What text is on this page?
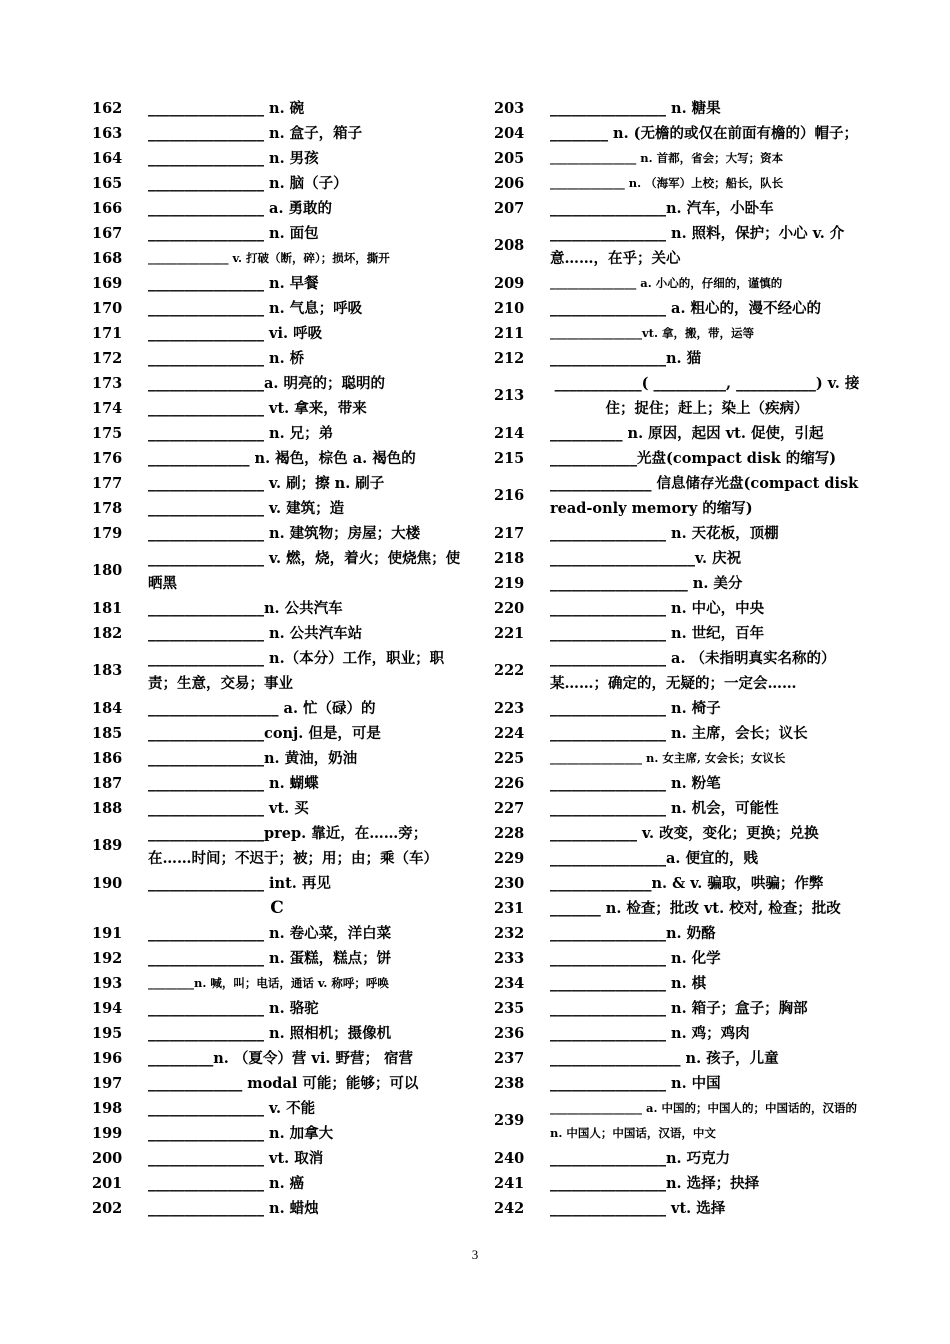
162	________________ n. 碗
163	________________ n. 盒子，箱子
164	________________ n. 男孩
165	________________ n. 脑（子）
166	________________ a. 勇敢的
167	________________ n. 面包
168	______________ v. 打破（断，碎）；损坏，撕开
169	________________ n. 早餐
170	________________ n. 气息；呼吸
171	________________ vi. 呼吸
172	________________ n. 桥
173	________________a. 明亮的；聪明的
174	________________ vt. 拿来，带来
175	________________ n. 兄；弟
176	______________ n. 褐色，棕色 a. 褐色的
177	________________ v. 刷；擦 n. 刷子
178	________________ v. 建筑；造
179	________________ n. 建筑物；房屋；大楼
180
________________ v. 燃，烧，着火；使烧焦；使晒黑
181	________________n. 公共汽车
182	________________ n. 公共汽车站
183
________________ n.（本分）工作，职业；职责；生意，交易；事业
184	__________________ a. 忙（碌）的
185	________________conj. 但是，可是
186	________________n. 黄油，奶油
187	________________ n. 蝴蝶
188	________________ vt. 买
189
________________prep. 靠近，在……旁；在……时间；不迟于；被；用；由；乘（车）
190	________________ int. 再见
C
191	________________ n. 卷心菜，洋白菜
192	________________ n. 蛋糕，糕点；饼
193	________n. 喊，叫；电话，通话 v. 称呼；呼唤
194	________________ n. 骆驼
195	________________ n. 照相机；摄像机
196	_________n. （夏令）营 vi. 野营； 宿营
197	_____________ modal 可能；能够；可以
198	________________ v. 不能
199	________________ n. 加拿大
200	________________ vt. 取消
201	________________ n. 癌
202	________________ n. 蜡烛
203	________________ n. 糖果
204	________ n. (无檐的或仅在前面有檐的）帽子；
205	_______________ n. 首都，省会；大写；资本
206	_____________ n. （海军）上校；船长，队长
207	________________n. 汽车，小卧车
208
________________ n. 照料，保护；小心 v. 介意……，在乎；关心
209	_______________ a. 小心的，仔细的，谨慎的
210	________________ a. 粗心的，漫不经心的
211	________________vt. 拿，搬，带，运等
212	________________n. 猫
213
____________( __________, ___________) v. 接住；捉住；赶上；染上（疾病）
214	__________ n. 原因，起因 vt. 促使，引起
215	____________光盘(compact disk 的缩写)
216
______________ 信息储存光盘(compact disk read-only memory 的缩写)
217	________________ n. 天花板，顶棚
218	____________________v. 庆祝
219	___________________ n. 美分
220	________________ n. 中心，中央
221	________________ n. 世纪，百年
222
________________ a. （未指明真实名称的）某……；确定的，无疑的；一定会……
223	________________ n. 椅子
224	________________ n. 主席，会长；议长
225	________________ n. 女主席, 女会长；女议长
226	________________ n. 粉笔
227	________________ n. 机会，可能性
228	____________ v. 改变，变化；更换；兑换
229	________________a. 便宜的，贱
230	______________n. & v. 骗取，哄骗；作弊
231	_______ n. 检查；批改 vt. 校对, 检查；批改
232	________________n. 奶酪
233	________________ n. 化学
234	________________ n. 棋
235	________________ n. 箱子；盒子；胸部
236	________________ n. 鸡；鸡肉
237	__________________ n. 孩子，儿童
238	________________ n. 中国
239
________________ a. 中国的；中国人的；中国话的，汉语的 n. 中国人；中国话，汉语，中文
240	________________n. 巧克力
241	________________n. 选择；抉择
242	________________ vt. 选择
3
